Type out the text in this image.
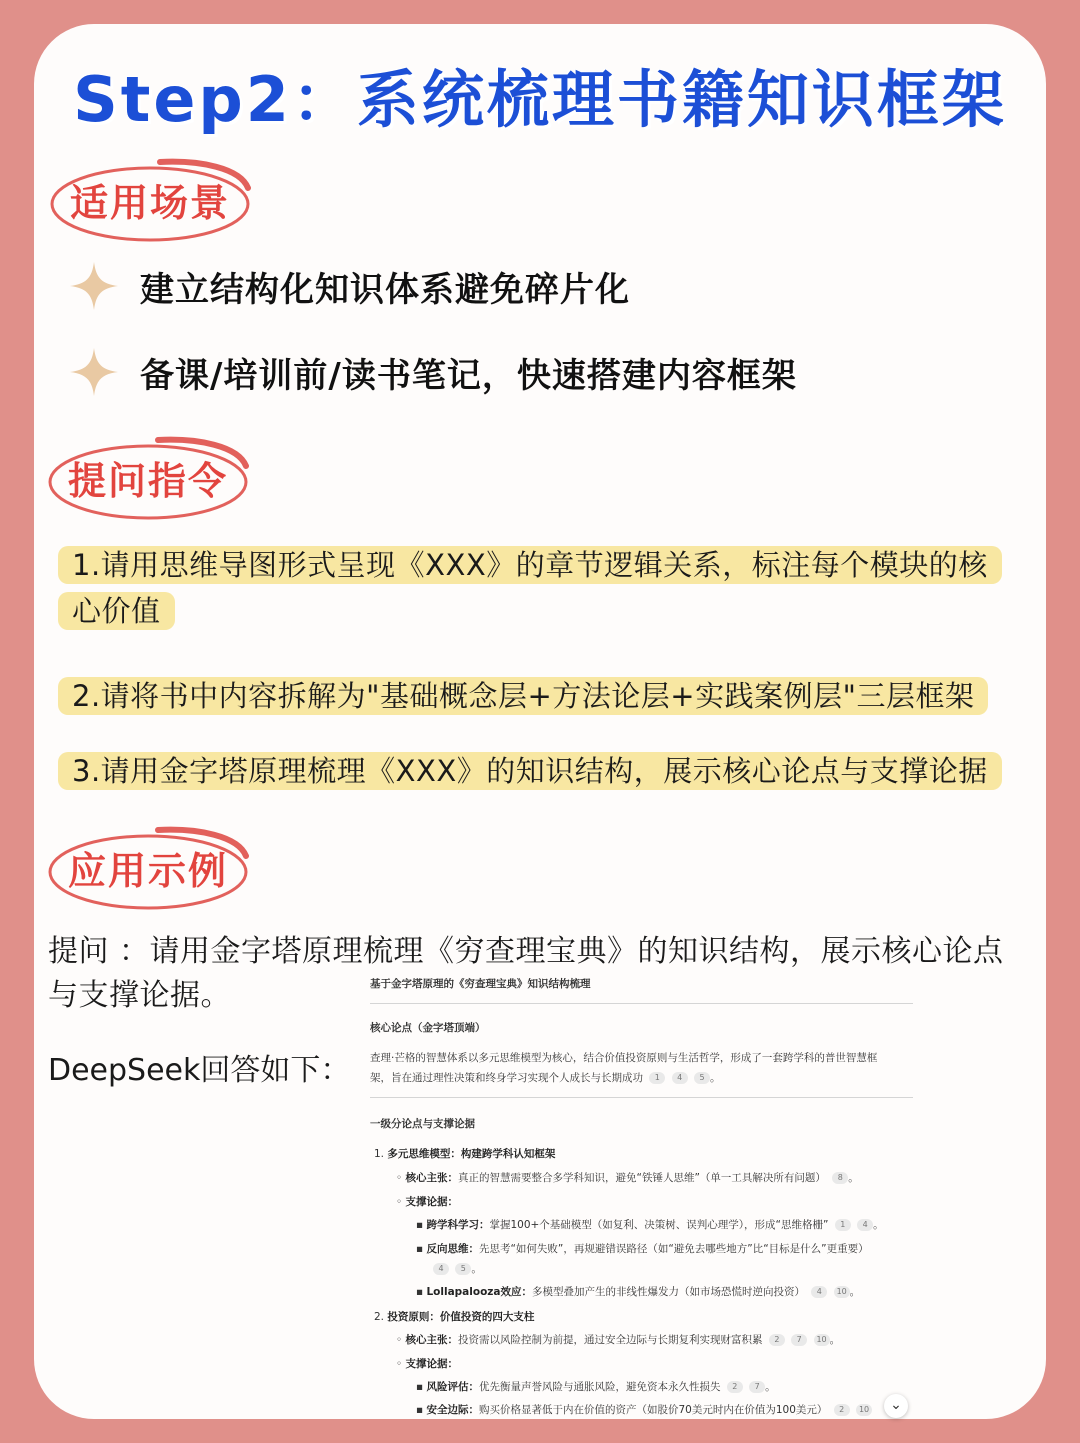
Step2：系统梳理书籍知识框架
适用场景
建立结构化知识体系避免碎片化
备课/培训前/读书笔记，快速搭建内容框架
提问指令
1.请用思维导图形式呈现《XXX》的章节逻辑关系，标注每个模块的核心价值
2.请将书中内容拆解为"基础概念层+方法论层+实践案例层"三层框架
3.请用金字塔原理梳理《XXX》的知识结构，展示核心论点与支撑论据
应用示例
提问 ：请用金字塔原理梳理《穷查理宝典》的知识结构，展示核心论点与支撑论据。
DeepSeek回答如下：
基于金字塔原理的《穷查理宝典》知识结构梳理
核心论点（金字塔顶端）
查理·芒格的智慧体系以多元思维模型为核心，结合价值投资原则与生活哲学，形成了一套跨学科的普世智慧框
架，旨在通过理性决策和终身学习实现个人成长与长期成功 1 4 5 。
一级分论点与支撑论据
1. 多元思维模型：构建跨学科认知框架
◦ 核心主张：真正的智慧需要整合多学科知识，避免“铁锤人思维”（单一工具解决所有问题） 8 。
◦ 支撑论据：
▪ 跨学科学习：掌握100+个基础模型（如复利、决策树、误判心理学），形成“思维格栅” 1 4 。
▪ 反向思维：先思考“如何失败”，再规避错误路径（如“避免去哪些地方”比“目标是什么”更重要）
4 5 。
▪ Lollapalooza效应：多模型叠加产生的非线性爆发力（如市场恐慌时逆向投资） 4 10 。
2. 投资原则：价值投资的四大支柱
◦ 核心主张：投资需以风险控制为前提，通过安全边际与长期复利实现财富积累 2 7 10 。
◦ 支撑论据：
▪ 风险评估：优先衡量声誉风险与通胀风险，避免资本永久性损失 2 7 。
▪ 安全边际：购买价格显著低于内在价值的资产（如股价70美元时内在价值为100美元） 2 10	⌄
